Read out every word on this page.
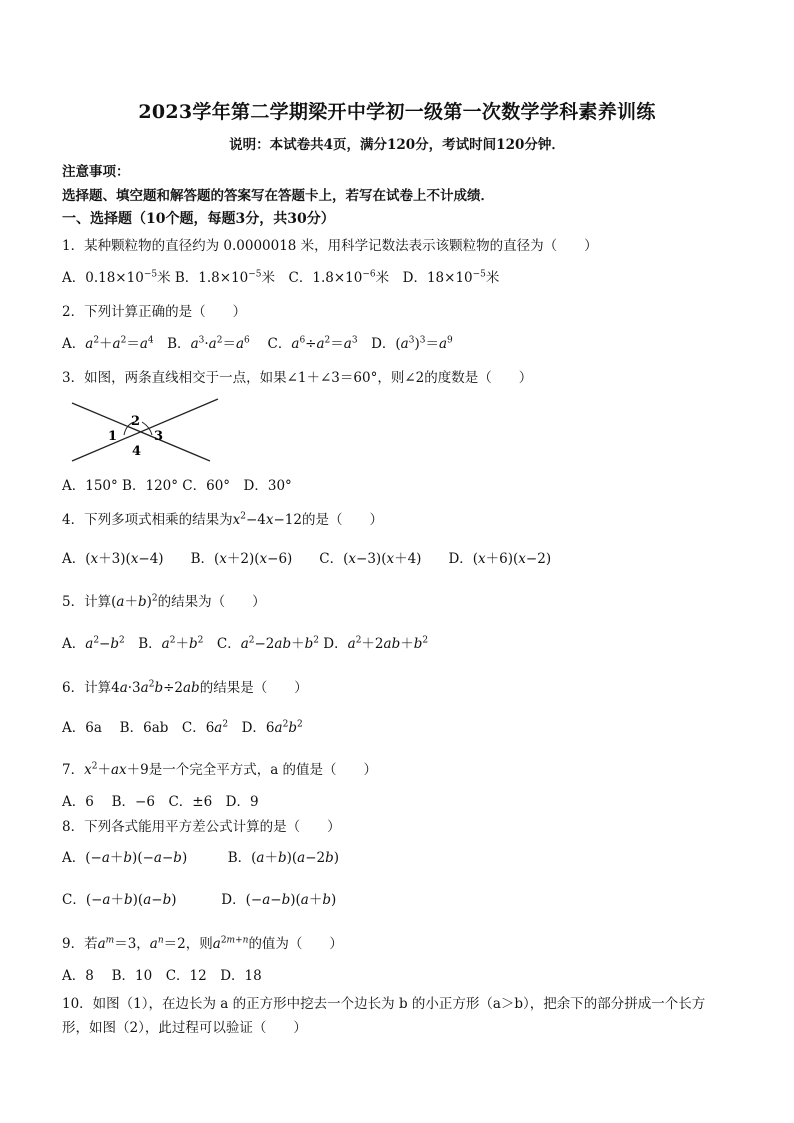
2023学年第二学期梁开中学初一级第一次数学学科素养训练
说明：本试卷共4页，满分120分，考试时间120分钟．
注意事项：
选择题、填空题和解答题的答案写在答题卡上，若写在试卷上不计成绩．
一、选择题（10个题，每题3分，共30分）
1．某种颗粒物的直径约为 0.0000018 米，用科学记数法表示该颗粒物的直径为（　　）
A．$0.18\times 10^{-5}$米 B．$1.8\times 10^{-5}$米　C．$1.8\times 10^{-6}$米　D．$18\times 10^{-5}$米
2．下列计算正确的是（　　）
A．$a^2+a^2=a^4$　B．$a^3\cdot a^2=a^6$　 C．$a^6\div a^2=a^3$　D．$(a^3)^3=a^9$
3．如图，两条直线相交于一点，如果∠1＋∠3＝60°，则∠2的度数是（　　）
1
2
3
4
A．150° B．120° C．60°　D．30°
4．下列多项式相乘的结果为$x^2-4x-12$的是（　　）
A．(x＋3)(x−4)　　B．(x＋2)(x−6)　　C．(x−3)(x＋4)　　D．(x＋6)(x−2)
5．计算$(a+b)^2$的结果为（　　）
A．$a^2-b^2$　B．$a^2+b^2$　C．$a^2-2ab+b^2$ D．$a^2+2ab+b^2$
6．计算$4a\cdot 3a^2b\div 2ab$的结果是（　　）
A．6a　 B．6ab　C．$6a^2$　D．$6a^2b^2$
7．$x^2+ax+9$是一个完全平方式，a 的值是（　　）
A．6　 B．−6　C．±6　D．9
8．下列各式能用平方差公式计算的是（　　）
A．(−a＋b)(−a−b)　　　B．(a＋b)(a−2b)
C．(−a＋b)(a−b)　　　 D．(−a−b)(a＋b)
9．若$a^m=3$，$a^n=2$，则$a^{2m+n}$的值为（　　）
A．8　 B．10　C．12　D．18
10．如图（1），在边长为 a 的正方形中挖去一个边长为 b 的小正方形（a＞b），把余下的部分拼成一个长方
形，如图（2），此过程可以验证（　　）
